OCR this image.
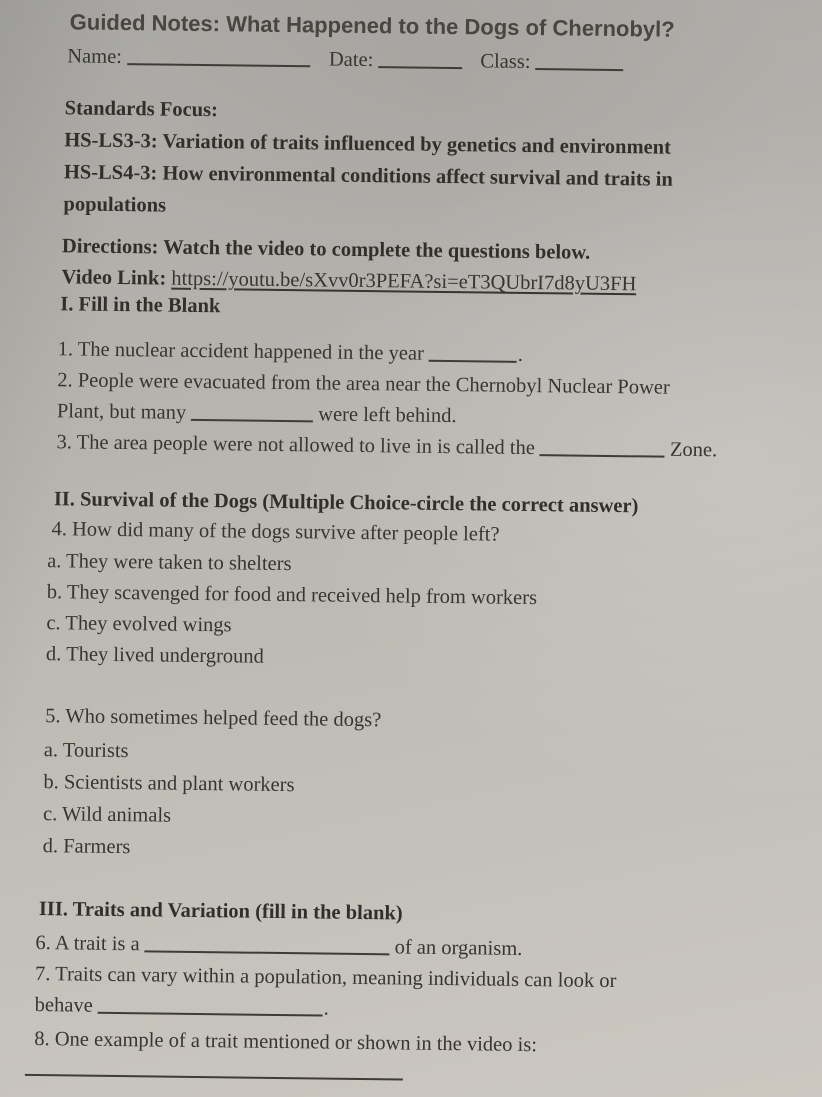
Guided Notes: What Happened to the Dogs of Chernobyl?
Name:	Date:	Class:
Standards Focus:
HS-LS3-3: Variation of traits influenced by genetics and environment
HS-LS4-3: How environmental conditions affect survival and traits in
populations
Directions: Watch the video to complete the questions below.
Video Link: https://youtu.be/sXvv0r3PEFA?si=eT3QUbrI7d8yU3FH
I. Fill in the Blank
1. The nuclear accident happened in the year	.
2. People were evacuated from the area near the Chernobyl Nuclear Power
Plant, but many	were left behind.
3. The area people were not allowed to live in is called the	Zone.
II. Survival of the Dogs (Multiple Choice-circle the correct answer)
4. How did many of the dogs survive after people left?
a. They were taken to shelters
b. They scavenged for food and received help from workers
c. They evolved wings
d. They lived underground
5. Who sometimes helped feed the dogs?
a. Tourists
b. Scientists and plant workers
c. Wild animals
d. Farmers
III. Traits and Variation (fill in the blank)
6. A trait is a	of an organism.
7. Traits can vary within a population, meaning individuals can look or
behave	.
8. One example of a trait mentioned or shown in the video is:
